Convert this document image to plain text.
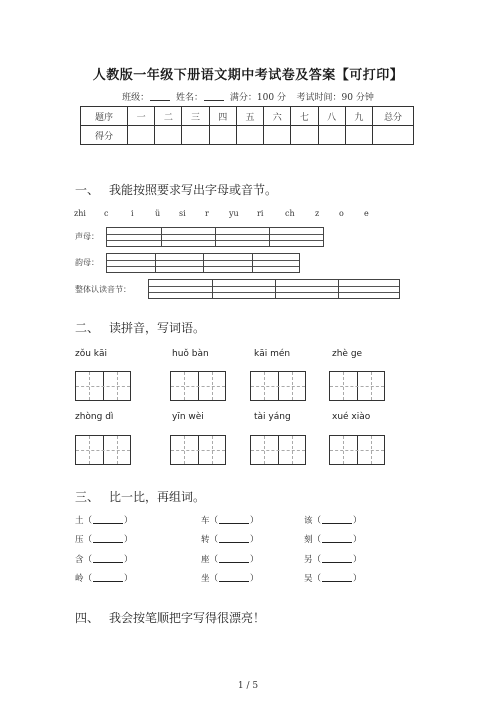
人教版一年级下册语文期中考试卷及答案【可打印】
班级：	姓名：	满分：100 分 考试时间：90 分钟
题序	一	二	三	四	五	六	七	八	九	总分
得分										
一、 我能按照要求写出字母或音节。
zhi c	i	ü si r	yu ri	ch	z o	e
声母：
韵母：
整体认读音节：
二、 读拼音，写词语。
zǒu kāi	huǒ bàn	kāi mén	zhè ge
zhòng dì	yīn wèi	tài yáng	xué xiào
三、 比一比，再组词。
土（	）	车（	）	该（	）
压（	）	转（	）	刻（	）
含（	）	座（	）	另（	）
岭（	）	坐（	）	吴（	）
四、 我会按笔顺把字写得很漂亮！
1 / 5
